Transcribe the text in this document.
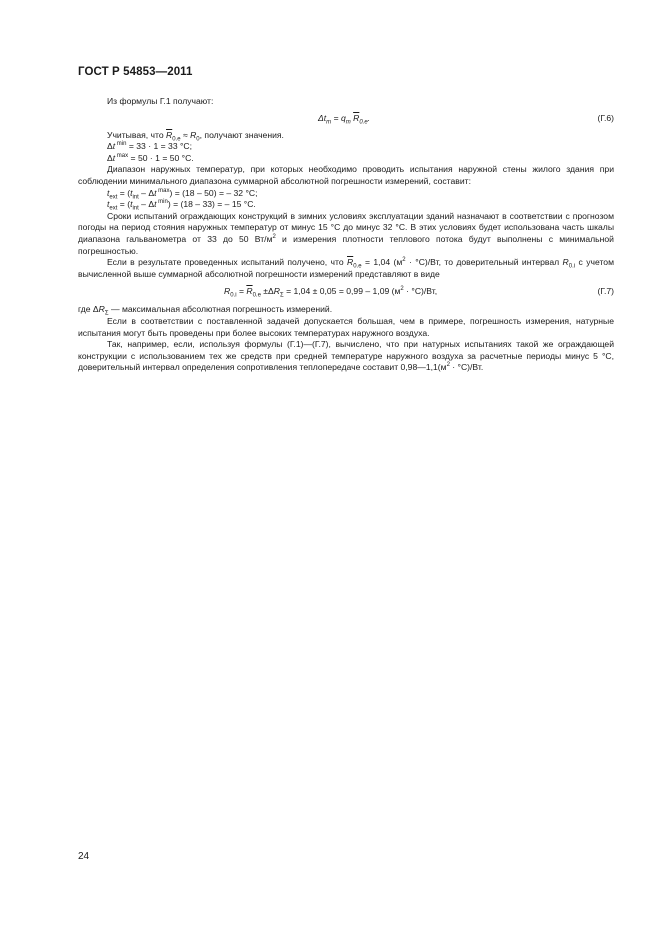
ГОСТ Р 54853—2011

Из формулы Г.1 получают:

$\Delta t_m = q_m$ $\overline{R}_{0.e}$.	(Г.6)

Учитывая, что $\overline{R}_{0.e} \approx R_0$, получают значения.

Δt $^{min}$ = 33 · 1 = 33 °С;

Δt $^{max}$ = 50 · 1 = 50 °С.

Диапазон наружных температур, при которых необходимо проводить испытания наружной стены жилого здания при соблюдении минимального диапазона суммарной абсолютной погрешности измерений, составит:

$t_{ext} = (t_{int} - \Delta t$ $^{max}$) = (18 – 50) = – 32 °С;

$t_{ext} = (t_{int} - \Delta t$ $^{min}$) = (18 – 33) = – 15 °С.

Сроки испытаний ограждающих конструкций в зимних условиях эксплуатации зданий назначают в соответствии с прогнозом погоды на период стояния наружных температур от минус 15 °С до минус 32 °С. В этих условиях будет использована часть шкалы диапазона гальванометра от 33 до 50 $Вт/м^2$ и измерения плотности теплового потока будут выполнены с минимальной погрешностью.

Если в результате проведенных испытаний получено, что $\overline{R}_{0.e} = 1,04$ $(м^2 \cdot ^\circ С)/Вт$, то доверительный интервал $R_{0.i}$ с учетом вычисленной выше суммарной абсолютной погрешности измерений представляют в виде

$R_{0.i} = \overline{R}_{0.e} \pm\Delta R_\Sigma = 1,04 \pm 0,05 = 0,99 - 1,09$ $(м^2 \cdot ^\circ С)/Вт$,	(Г.7)

где $\Delta R_\Sigma$ — максимальная абсолютная погрешность измерений.

Если в соответствии с поставленной задачей допускается большая, чем в примере, погрешность измерения, натурные испытания могут быть проведены при более высоких температурах наружного воздуха.

Так, например, если, используя формулы (Г.1)—(Г.7), вычислено, что при натурных испытаниях такой же ограждающей конструкции с использованием тех же средств при средней температуре наружного воздуха за расчетные периоды минус 5 °С, доверительный интервал определения сопротивления теплопередаче составит $0,98—1,1(м^2 \cdot ^\circ С)/Вт$.

24
